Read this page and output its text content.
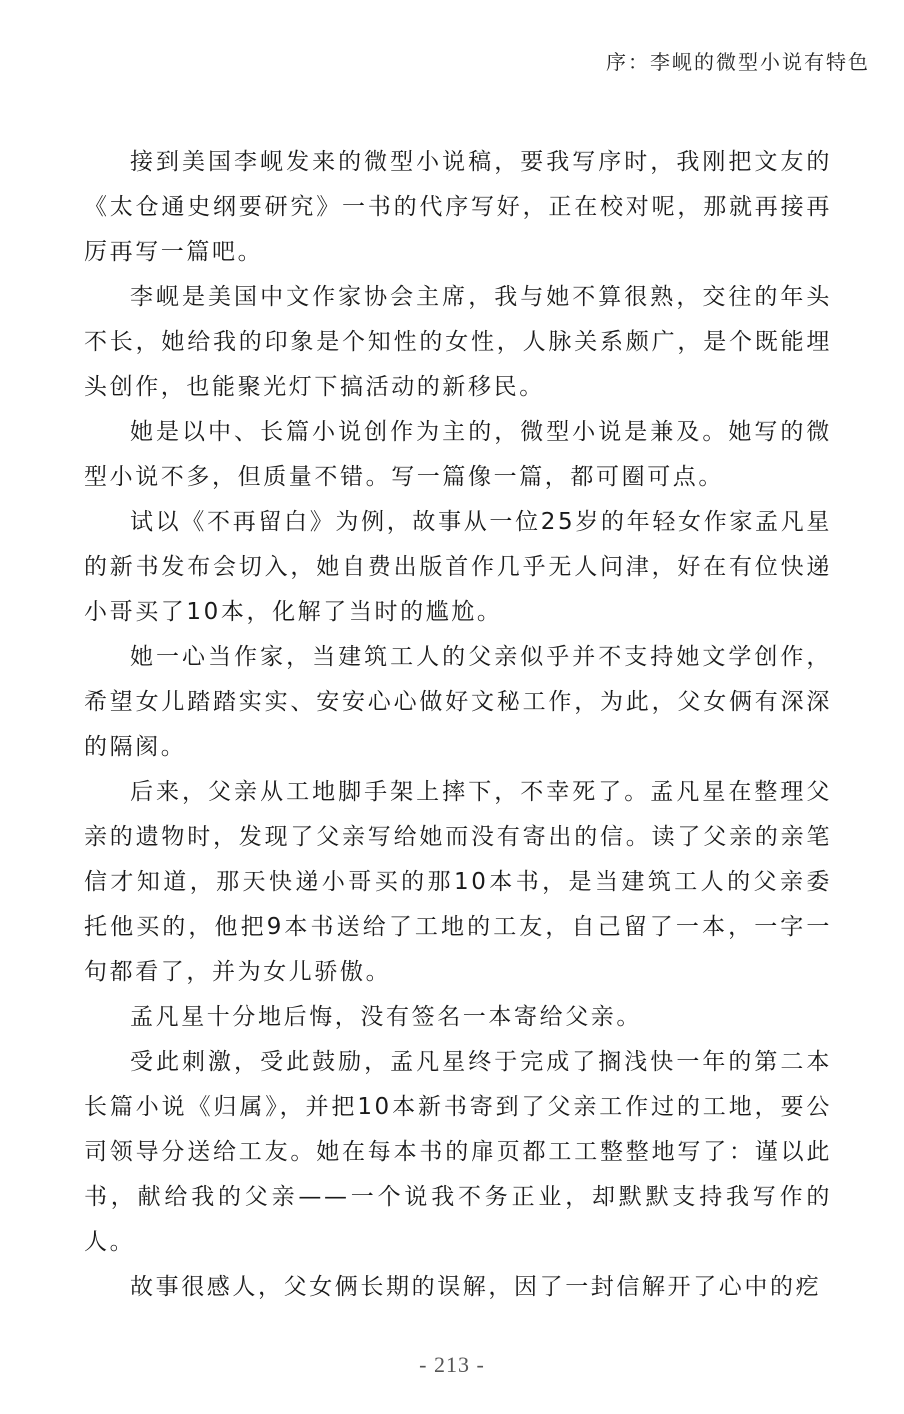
序：李岘的微型小说有特色

接到美国李岘发来的微型小说稿，要我写序时，我刚把文友的《太仓通史纲要研究》一书的代序写好，正在校对呢，那就再接再厉再写一篇吧。

李岘是美国中文作家协会主席，我与她不算很熟，交往的年头不长，她给我的印象是个知性的女性，人脉关系颇广，是个既能埋头创作，也能聚光灯下搞活动的新移民。

她是以中、长篇小说创作为主的，微型小说是兼及。她写的微型小说不多，但质量不错。写一篇像一篇，都可圈可点。

试以《不再留白》为例，故事从一位25岁的年轻女作家孟凡星的新书发布会切入，她自费出版首作几乎无人问津，好在有位快递小哥买了10本，化解了当时的尴尬。

她一心当作家，当建筑工人的父亲似乎并不支持她文学创作，希望女儿踏踏实实、安安心心做好文秘工作，为此，父女俩有深深的隔阂。

后来，父亲从工地脚手架上摔下，不幸死了。孟凡星在整理父亲的遗物时，发现了父亲写给她而没有寄出的信。读了父亲的亲笔信才知道，那天快递小哥买的那10本书，是当建筑工人的父亲委托他买的，他把9本书送给了工地的工友，自己留了一本，一字一句都看了，并为女儿骄傲。

孟凡星十分地后悔，没有签名一本寄给父亲。

受此刺激，受此鼓励，孟凡星终于完成了搁浅快一年的第二本长篇小说《归属》，并把10本新书寄到了父亲工作过的工地，要公司领导分送给工友。她在每本书的扉页都工工整整地写了：谨以此书，献给我的父亲——一个说我不务正业，却默默支持我写作的人。

故事很感人，父女俩长期的误解，因了一封信解开了心中的疙

- 213 -
